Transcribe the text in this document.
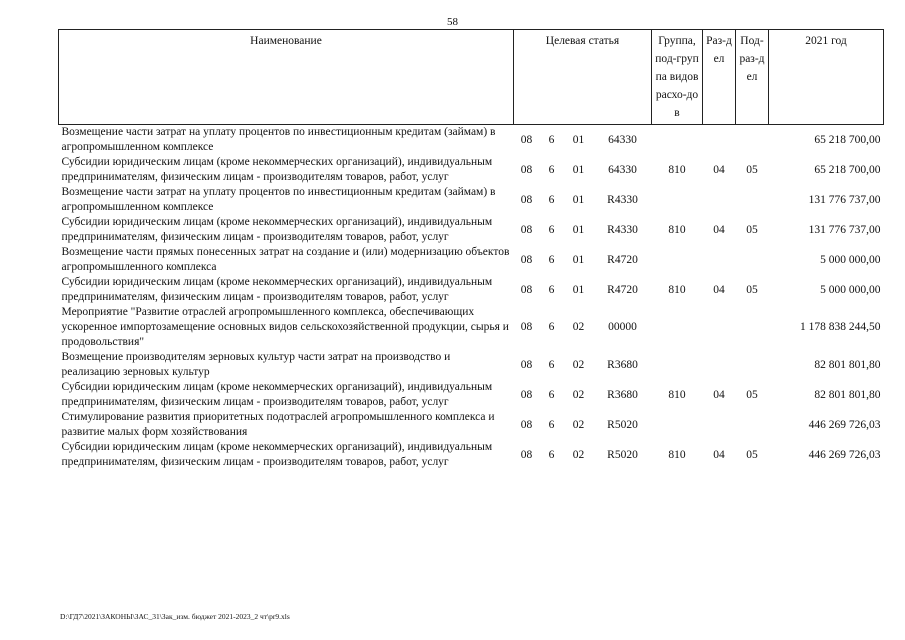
58
Наименование	Целевая статья				Группа, под-группа видов расхо-дов	Раз-дел	Под-раз-дел	2021 год
Возмещение части затрат на уплату процентов по инвестиционным кредитам (займам) в агропромышленном комплексе	08	6	01	64330				65 218 700,00
Субсидии юридическим лицам (кроме некоммерческих организаций), индивидуальным предпринимателям, физическим лицам - производителям товаров, работ, услуг	08	6	01	64330	810	04	05	65 218 700,00
Возмещение части затрат на уплату процентов по инвестиционным кредитам (займам) в агропромышленном комплексе	08	6	01	R4330				131 776 737,00
Субсидии юридическим лицам (кроме некоммерческих организаций), индивидуальным предпринимателям, физическим лицам - производителям товаров, работ, услуг	08	6	01	R4330	810	04	05	131 776 737,00
Возмещение части прямых понесенных затрат на создание и (или) модернизацию объектов агропромышленного комплекса	08	6	01	R4720				5 000 000,00
Субсидии юридическим лицам (кроме некоммерческих организаций), индивидуальным предпринимателям, физическим лицам - производителям товаров, работ, услуг	08	6	01	R4720	810	04	05	5 000 000,00
Мероприятие "Развитие отраслей агропромышленного комплекса, обеспечивающих ускоренное импортозамещение основных видов сельскохозяйственной продукции, сырья и продовольствия"	08	6	02	00000				1 178 838 244,50
Возмещение производителям зерновых культур части затрат на производство и реализацию зерновых культур	08	6	02	R3680				82 801 801,80
Субсидии юридическим лицам (кроме некоммерческих организаций), индивидуальным предпринимателям, физическим лицам - производителям товаров, работ, услуг	08	6	02	R3680	810	04	05	82 801 801,80
Стимулирование развития приоритетных подотраслей агропромышленного комплекса и развитие малых форм хозяйствования	08	6	02	R5020				446 269 726,03
Субсидии юридическим лицам (кроме некоммерческих организаций), индивидуальным предпринимателям, физическим лицам - производителям товаров, работ, услуг	08	6	02	R5020	810	04	05	446 269 726,03
D:\ГД7\2021\ЗАКОНЫ\ЗАС_31\Зак_изм. бюджет 2021-2023_2 чт\pr9.xls
